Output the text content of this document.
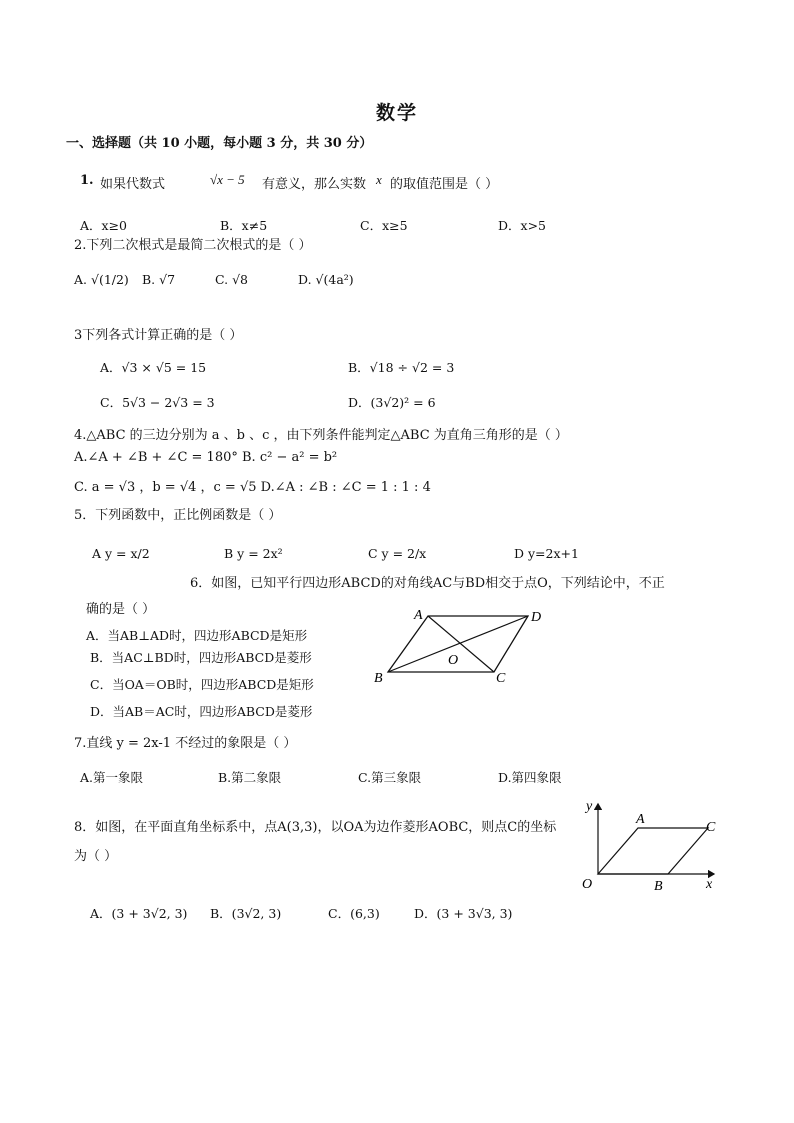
数学
一、选择题（共 10 小题，每小题 3 分，共 30 分）
1. 如果代数式	√x − 5 有意义，那么实数 x 的取值范围是（ ）
A．x≥0	B．x≠5	C．x≥5	D．x>5
2.下列二次根式是最简二次根式的是（ ）
A. √(1/2) B. √7	C. √8	D. √(4a²)
3下列各式计算正确的是（ ）
A．√3 × √5 = 15	B．√18 ÷ √2 = 3
C．5√3 − 2√3 = 3	D．(3√2)² = 6
4.△ABC 的三边分别为 a 、b 、c ，由下列条件能判定△ABC 为直角三角形的是（ ）
A.∠A + ∠B + ∠C = 180° B. c² − a² = b²
C. a = √3 ，b = √4 ，c = √5 D.∠A : ∠B : ∠C = 1 : 1 : 4
5．下列函数中，正比例函数是（ ）
A y = x/2	B y = 2x²	C y = 2/x	D y=2x+1
6．如图，已知平行四边形ABCD的对角线AC与BD相交于点O，下列结论中，不正
确的是（ ）
A．当AB⊥AD时，四边形ABCD是矩形
B．当AC⊥BD时，四边形ABCD是菱形
C．当OA＝OB时，四边形ABCD是矩形
D．当AB＝AC时，四边形ABCD是菱形
A	D
B	C
O
7.直线 y = 2x-1 不经过的象限是（ ）
A.第一象限	B.第二象限	C.第三象限	D.第四象限
8．如图，在平面直角坐标系中，点A(3,3)，以OA为边作菱形AOBC，则点C的坐标
为（ ）
A．(3 + 3√2, 3) B．(3√2, 3)	C．(6,3)	D．(3 + 3√3, 3)
y
x
O
A
C
B
